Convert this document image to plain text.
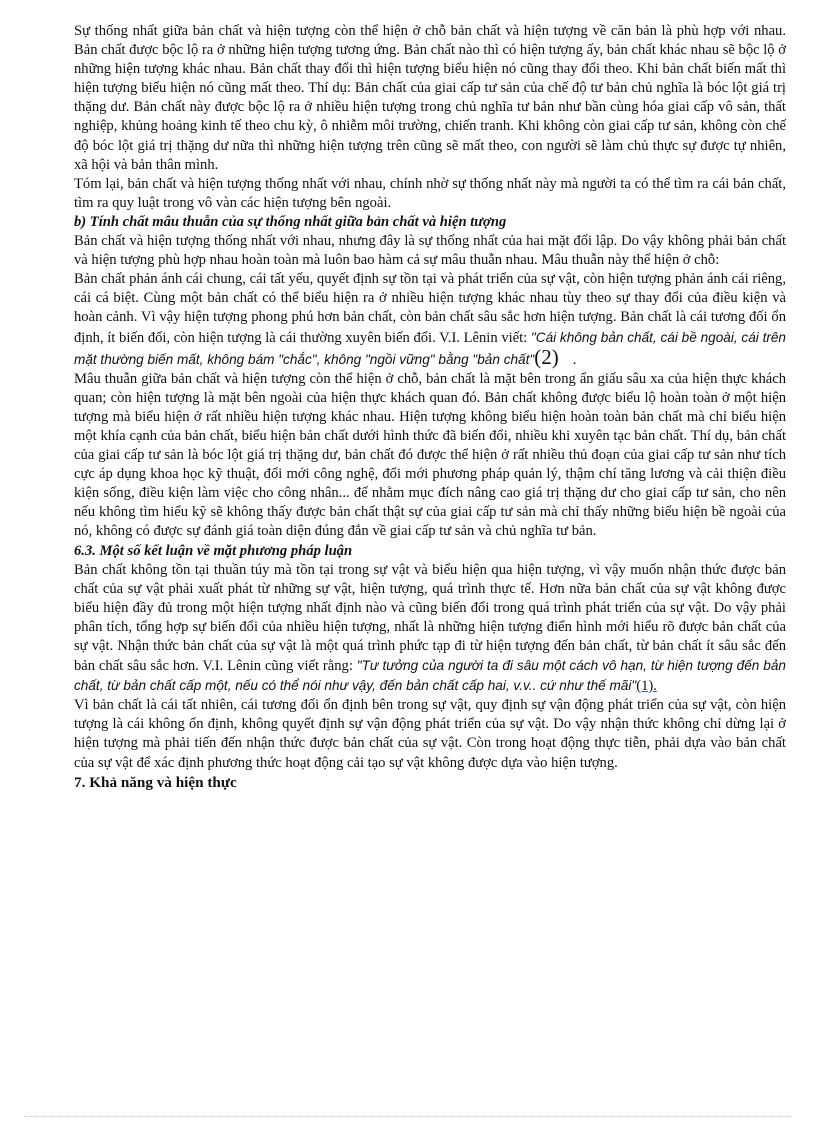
Sự thống nhất giữa bản chất và hiện tượng còn thể hiện ở chỗ bản chất và hiện tượng về căn bản là phù hợp với nhau. Bản chất được bộc lộ ra ở những hiện tượng tương ứng. Bản chất nào thì có hiện tượng ấy, bản chất khác nhau sẽ bộc lộ ở những hiện tượng khác nhau. Bản chất thay đổi thì hiện tượng biểu hiện nó cũng thay đổi theo. Khi bản chất biến mất thì hiện tượng biểu hiện nó cũng mất theo. Thí dụ: Bản chất của giai cấp tư sản của chế độ tư bản chủ nghĩa là bóc lột giá trị thặng dư. Bản chất này được bộc lộ ra ở nhiều hiện tượng trong chủ nghĩa tư bản như bần cùng hóa giai cấp vô sản, thất nghiệp, khủng hoảng kinh tế theo chu kỳ, ô nhiễm môi trường, chiến tranh. Khi không còn giai cấp tư sản, không còn chế độ bóc lột giá trị thặng dư nữa thì những hiện tượng trên cũng sẽ mất theo, con người sẽ làm chủ thực sự được tự nhiên, xã hội và bản thân mình.

Tóm lại, bản chất và hiện tượng thống nhất với nhau, chính nhờ sự thống nhất này mà người ta có thể tìm ra cái bản chất, tìm ra quy luật trong vô vàn các hiện tượng bên ngoài.

b) Tính chất mâu thuẫn của sự thống nhất giữa bản chất và hiện tượng

Bản chất và hiện tượng thống nhất với nhau, nhưng đây là sự thống nhất của hai mặt đối lập. Do vậy không phải bản chất và hiện tượng phù hợp nhau hoàn toàn mà luôn bao hàm cả sự mâu thuẫn nhau. Mâu thuẫn này thể hiện ở chỗ:

Bản chất phản ánh cái chung, cái tất yếu, quyết định sự tồn tại và phát triển của sự vật, còn hiện tượng phản ánh cái riêng, cái cá biệt. Cùng một bản chất có thể biểu hiện ra ở nhiều hiện tượng khác nhau tùy theo sự thay đổi của điều kiện và hoàn cảnh. Vì vậy hiện tượng phong phú hơn bản chất, còn bản chất sâu sắc hơn hiện tượng. Bản chất là cái tương đối ổn định, ít biến đổi, còn hiện tượng là cái thường xuyên biến đổi. V.I. Lênin viết: "Cái không bản chất, cái bề ngoài, cái trên mặt thường biến mất, không bám "chắc", không "ngồi vững" bằng "bản chất"(2) .

Mâu thuẫn giữa bản chất và hiện tượng còn thể hiện ở chỗ, bản chất là mặt bên trong ẩn giấu sâu xa của hiện thực khách quan; còn hiện tượng là mặt bên ngoài của hiện thực khách quan đó. Bản chất không được biểu lộ hoàn toàn ở một hiện tượng mà biểu hiện ở rất nhiều hiện tượng khác nhau. Hiện tượng không biểu hiện hoàn toàn bản chất mà chỉ biểu hiện một khía cạnh của bản chất, biểu hiện bản chất dưới hình thức đã biến đổi, nhiều khi xuyên tạc bản chất. Thí dụ, bản chất của giai cấp tư sản là bóc lột giá trị thặng dư, bản chất đó được thể hiện ở rất nhiều thủ đoạn của giai cấp tư sản như tích cực áp dụng khoa học kỹ thuật, đổi mới công nghệ, đổi mới phương pháp quản lý, thậm chí tăng lương và cải thiện điều kiện sống, điều kiện làm việc cho công nhân... để nhằm mục đích nâng cao giá trị thặng dư cho giai cấp tư sản, cho nên nếu không tìm hiểu kỹ sẽ không thấy được bản chất thật sự của giai cấp tư sản mà chỉ thấy những biểu hiện bề ngoài của nó, không có được sự đánh giá toàn diện đúng đắn về giai cấp tư sản và chủ nghĩa tư bản.

6.3. Một số kết luận về mặt phương pháp luận

Bản chất không tồn tại thuần túy mà tồn tại trong sự vật và biểu hiện qua hiện tượng, vì vậy muốn nhận thức được bản chất của sự vật phải xuất phát từ những sự vật, hiện tượng, quá trình thực tế. Hơn nữa bản chất của sự vật không được biểu hiện đầy đủ trong một hiện tượng nhất định nào và cũng biến đổi trong quá trình phát triển của sự vật. Do vậy phải phân tích, tổng hợp sự biến đổi của nhiều hiện tượng, nhất là những hiện tượng điển hình mới hiểu rõ được bản chất của sự vật. Nhận thức bản chất của sự vật là một quá trình phức tạp đi từ hiện tượng đến bản chất, từ bản chất ít sâu sắc đến bản chất sâu sắc hơn. V.I. Lênin cũng viết rằng: "Tư tưởng của người ta đi sâu một cách vô hạn, từ hiện tượng đến bản chất, từ bản chất cấp một, nếu có thể nói như vậy, đến bản chất cấp hai, v.v.. cứ như thế mãi"(1).

Vì bản chất là cái tất nhiên, cái tương đối ổn định bên trong sự vật, quy định sự vận động phát triển của sự vật, còn hiện tượng là cái không ổn định, không quyết định sự vận động phát triển của sự vật. Do vậy nhận thức không chỉ dừng lại ở hiện tượng mà phải tiến đến nhận thức được bản chất của sự vật. Còn trong hoạt động thực tiễn, phải dựa vào bản chất của sự vật để xác định phương thức hoạt động cải tạo sự vật không được dựa vào hiện tượng.

7. Khả năng và hiện thực
